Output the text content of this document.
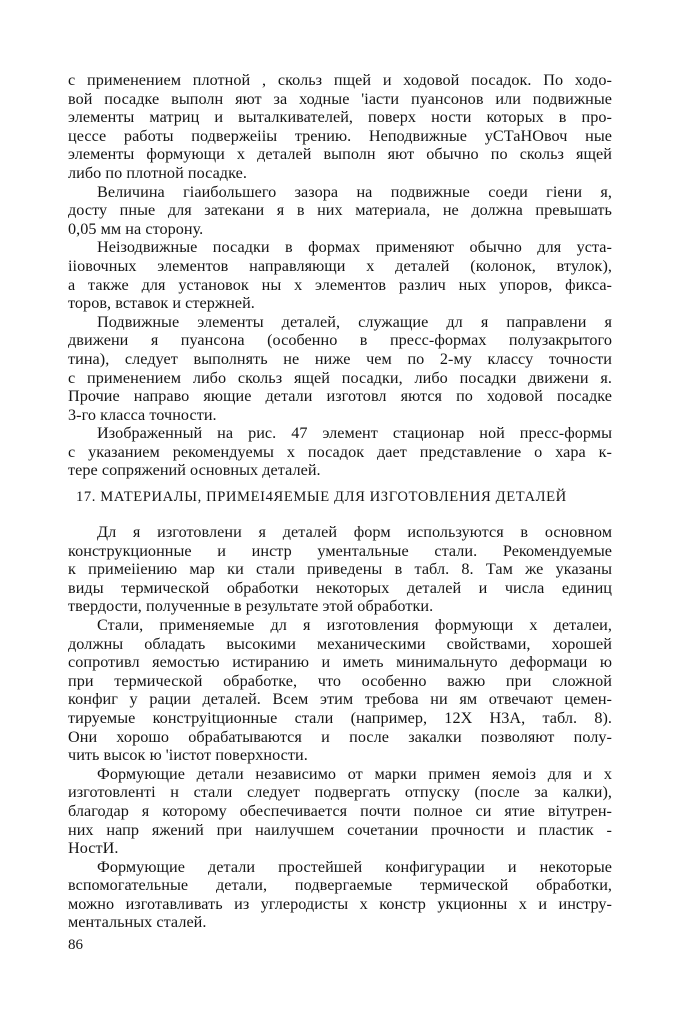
с применением плотной , скольз пщей и ходовой посадок. По ходо-
вой посадке выполн яют за ходные 'іасти пуансонов или подвижные
элементы матриц и выталкивателей, поверх ности которых в про-
цессе работы подвержеііы трению. Неподвижные уСТаНОвоч ные
элементы формующи х деталей выполн яют обычно по скольз ящей
либо по плотной посадке.
Величина гіаибольшего зазора на подвижные соеди гіени я,
досту пные для затекани я в них материала, не должна превышать
0,05 мм на сторону.
Неізодвижные посадки в формах применяют обычно для уста-
ііовочных элементов направляющи х деталей (колонок, втулок),
а также для установок ны х элементов различ ных упоров, фикса-
торов, вставок и стержней.
Подвижные элементы деталей, служащие дл я паправлени я
движени я пуансона (особенно в пресс-формах полузакрытого
тина), следует выполнять не ниже чем по 2-му классу точности
с применением либо скольз ящей посадки, либо посадки движени я.
Прочие направо яющие детали изготовл яются по ходовой посадке
3-го класса точности.
Изображенный на рис. 47 элемент стационар ной пресс-формы
с указанием рекомендуемы х посадок дает представление о хара к-
тере сопряжений основных деталей.
17. МАТЕРИАЛЫ, ПРИМЕІ4ЯЕМЫЕ ДЛЯ ИЗГОТОВЛЕНИЯ ДЕТАЛЕЙ
Дл я изготовлени я деталей форм используются в основном
конструкционные и инстр ументальные стали. Рекомендуемые
к примеііению мар ки стали приведены в табл. 8. Там же указаны
виды термической обработки некоторых деталей и числа единиц
твердости, полученные в результате этой обработки.
Стали, применяемые дл я изготовления формующи х деталеи,
должны обладать высокими механическими свойствами, хорошей
сопротивл яемостью истиранию и иметь минимальнуто деформаци ю
при термической обработке, что особенно важю при сложной
конфиг у рации деталей. Всем этим требова ни ям отвечают цемен-
тируемые конструіtционные стали (например, 12Х Н3А, табл. 8).
Они хорошо обрабатываются и после закалки позволяют полу-
чить высок ю 'іистот повeрхности.
Формующие детали независимо от марки примен яемоіз для и х
изготовлентi н стали следует подвергать отпуску (после за калки),
благодар я которому обеспечивается почти полное си ятие вітутрен-
них напр яжений при наилучшем сочетании прочности и пластик -
НостИ.
Формующие детали простейшей конфигурации и некоторые
вспомогательные детали, подвергаемые термической обработки,
можно изготавливать из углеродисты х констр укционны х и инстру-
ментальных сталей.
86
